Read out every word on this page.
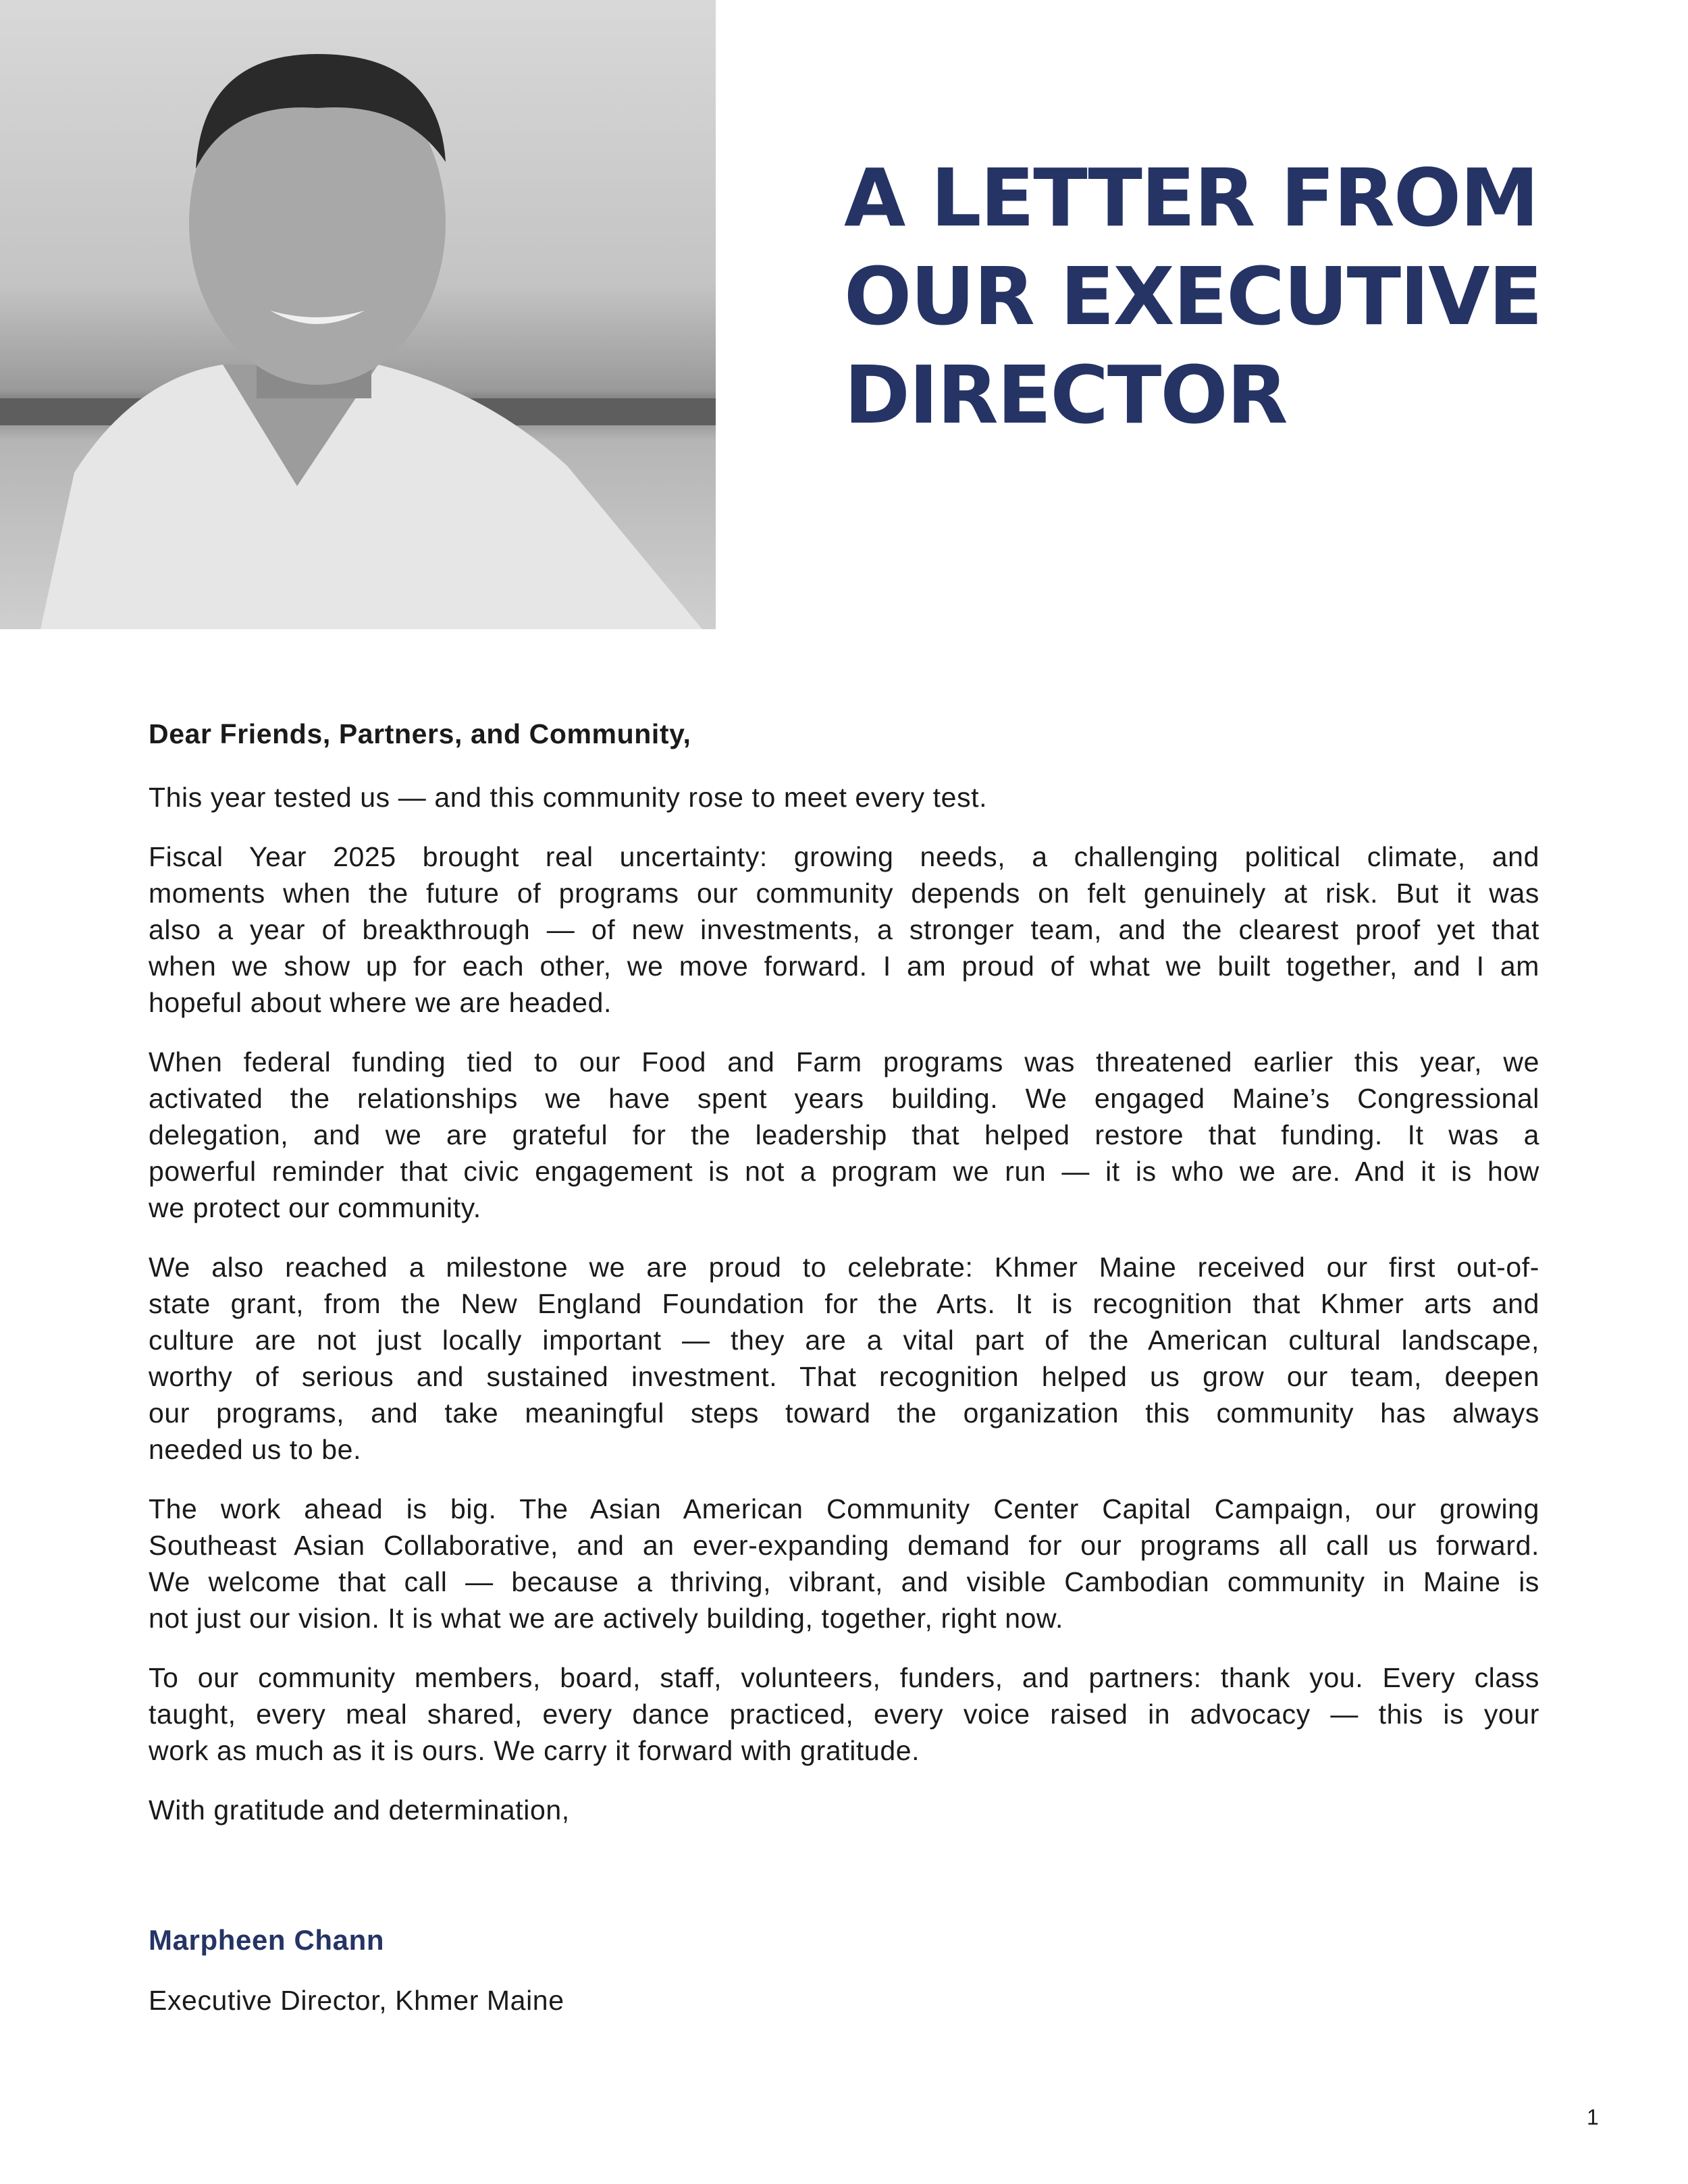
A LETTER FROM
OUR EXECUTIVE
DIRECTOR

Dear Friends, Partners, and Community,

This year tested us — and this community rose to meet every test.

Fiscal Year 2025 brought real uncertainty: growing needs, a challenging political climate, and
moments when the future of programs our community depends on felt genuinely at risk. But it was
also a year of breakthrough — of new investments, a stronger team, and the clearest proof yet that
when we show up for each other, we move forward. I am proud of what we built together, and I am
hopeful about where we are headed.

When federal funding tied to our Food and Farm programs was threatened earlier this year, we
activated the relationships we have spent years building. We engaged Maine’s Congressional
delegation, and we are grateful for the leadership that helped restore that funding. It was a
powerful reminder that civic engagement is not a program we run — it is who we are. And it is how
we protect our community.

We also reached a milestone we are proud to celebrate: Khmer Maine received our first out-of-
state grant, from the New England Foundation for the Arts. It is recognition that Khmer arts and
culture are not just locally important — they are a vital part of the American cultural landscape,
worthy of serious and sustained investment. That recognition helped us grow our team, deepen
our programs, and take meaningful steps toward the organization this community has always
needed us to be.

The work ahead is big. The Asian American Community Center Capital Campaign, our growing
Southeast Asian Collaborative, and an ever-expanding demand for our programs all call us forward.
We welcome that call — because a thriving, vibrant, and visible Cambodian community in Maine is
not just our vision. It is what we are actively building, together, right now.

To our community members, board, staff, volunteers, funders, and partners: thank you. Every class
taught, every meal shared, every dance practiced, every voice raised in advocacy — this is your
work as much as it is ours. We carry it forward with gratitude.

With gratitude and determination,

Marpheen Chann

Executive Director, Khmer Maine

1
